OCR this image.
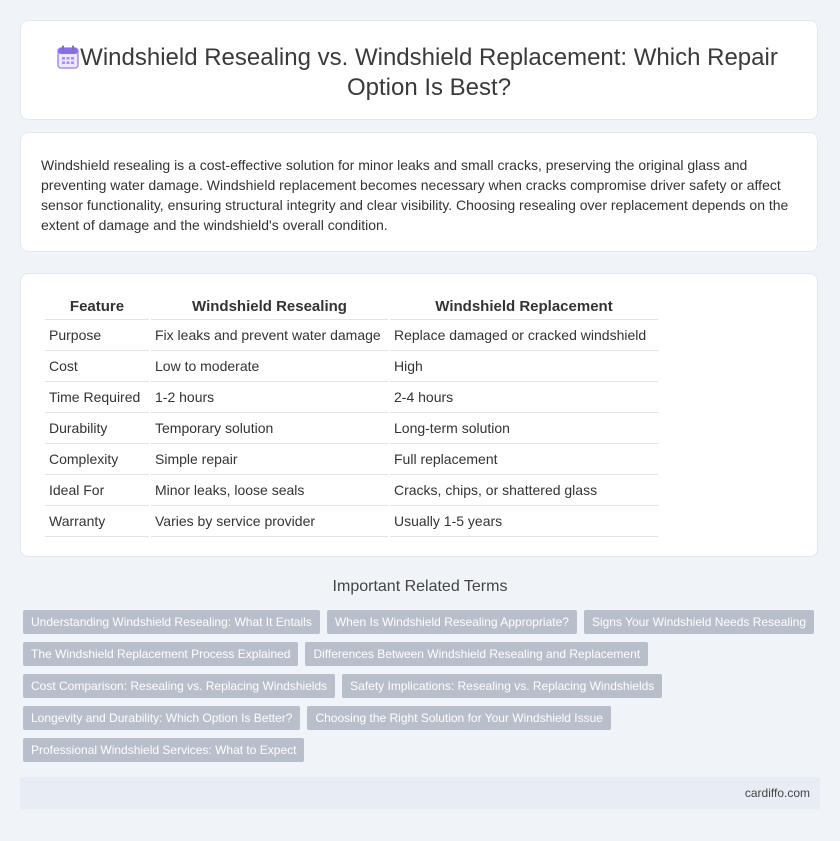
Windshield Resealing vs. Windshield Replacement: Which Repair Option Is Best?
Windshield resealing is a cost-effective solution for minor leaks and small cracks, preserving the original glass and preventing water damage. Windshield replacement becomes necessary when cracks compromise driver safety or affect sensor functionality, ensuring structural integrity and clear visibility. Choosing resealing over replacement depends on the extent of damage and the windshield's overall condition.
Feature	Windshield Resealing	Windshield Replacement
Purpose	Fix leaks and prevent water damage	Replace damaged or cracked windshield
Cost	Low to moderate	High
Time Required	1-2 hours	2-4 hours
Durability	Temporary solution	Long-term solution
Complexity	Simple repair	Full replacement
Ideal For	Minor leaks, loose seals	Cracks, chips, or shattered glass
Warranty	Varies by service provider	Usually 1-5 years
Important Related Terms
Understanding Windshield Resealing: What It Entails	When Is Windshield Resealing Appropriate?	Signs Your Windshield Needs Resealing
The Windshield Replacement Process Explained	Differences Between Windshield Resealing and Replacement
Cost Comparison: Resealing vs. Replacing Windshields	Safety Implications: Resealing vs. Replacing Windshields
Longevity and Durability: Which Option Is Better?	Choosing the Right Solution for Your Windshield Issue
Professional Windshield Services: What to Expect
cardiffo.com
